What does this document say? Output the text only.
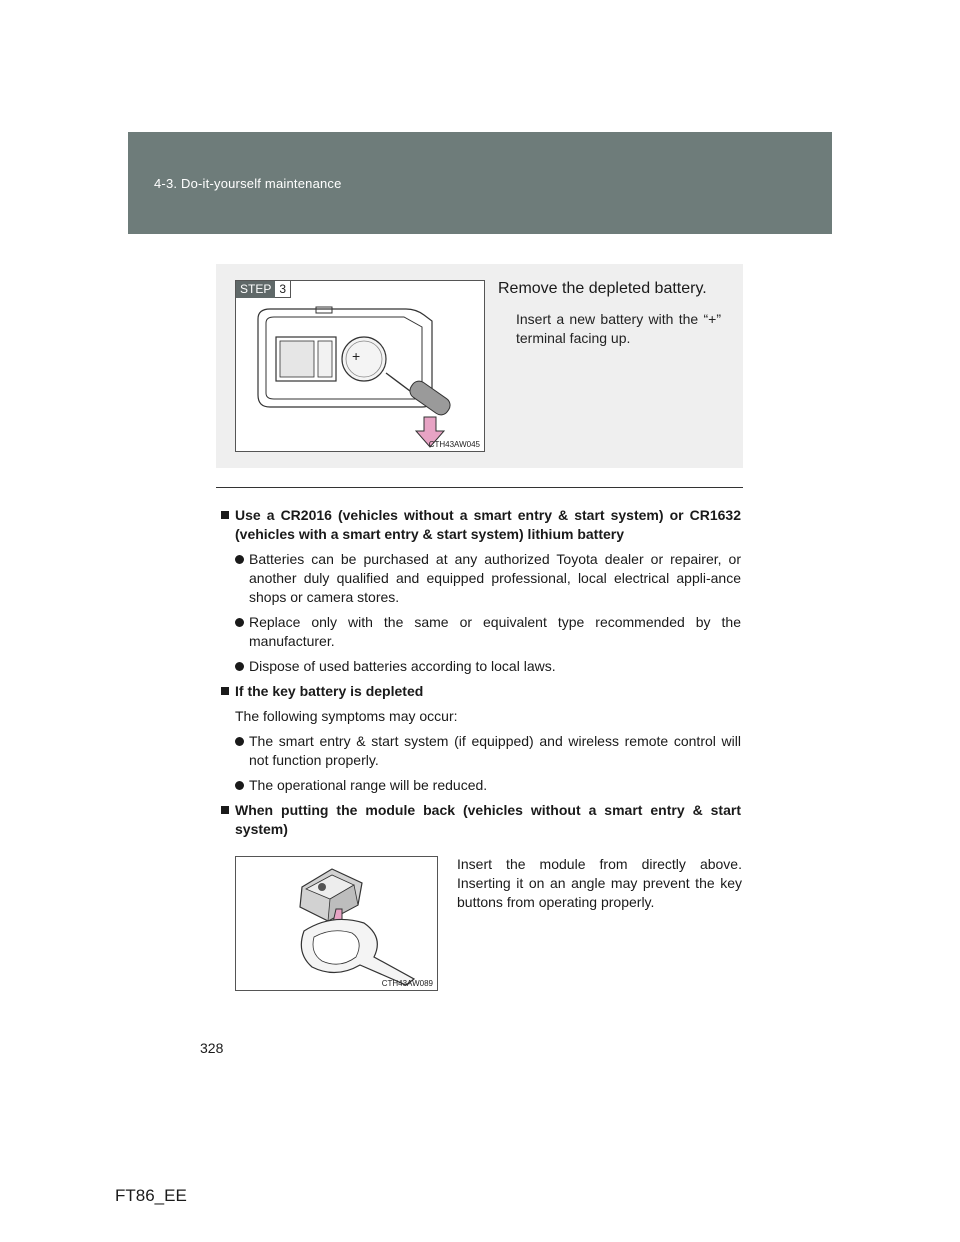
4-3. Do-it-yourself maintenance
STEP 3
+
CTH43AW045
Remove the depleted battery.
Insert a new battery with the “+” terminal facing up.
Use a CR2016 (vehicles without a smart entry & start system) or CR1632 (vehicles with a smart entry & start system) lithium battery
Batteries can be purchased at any authorized Toyota dealer or repairer, or another duly qualified and equipped professional, local electrical appli-ance shops or camera stores.
Replace only with the same or equivalent type recommended by the manufacturer.
Dispose of used batteries according to local laws.
If the key battery is depleted
The following symptoms may occur:
The smart entry & start system (if equipped) and wireless remote control will not function properly.
The operational range will be reduced.
When putting the module back (vehicles without a smart entry & start system)
CTH43AW089
Insert the module from directly above. Inserting it on an angle may prevent the key buttons from operating properly.
328
FT86_EE
